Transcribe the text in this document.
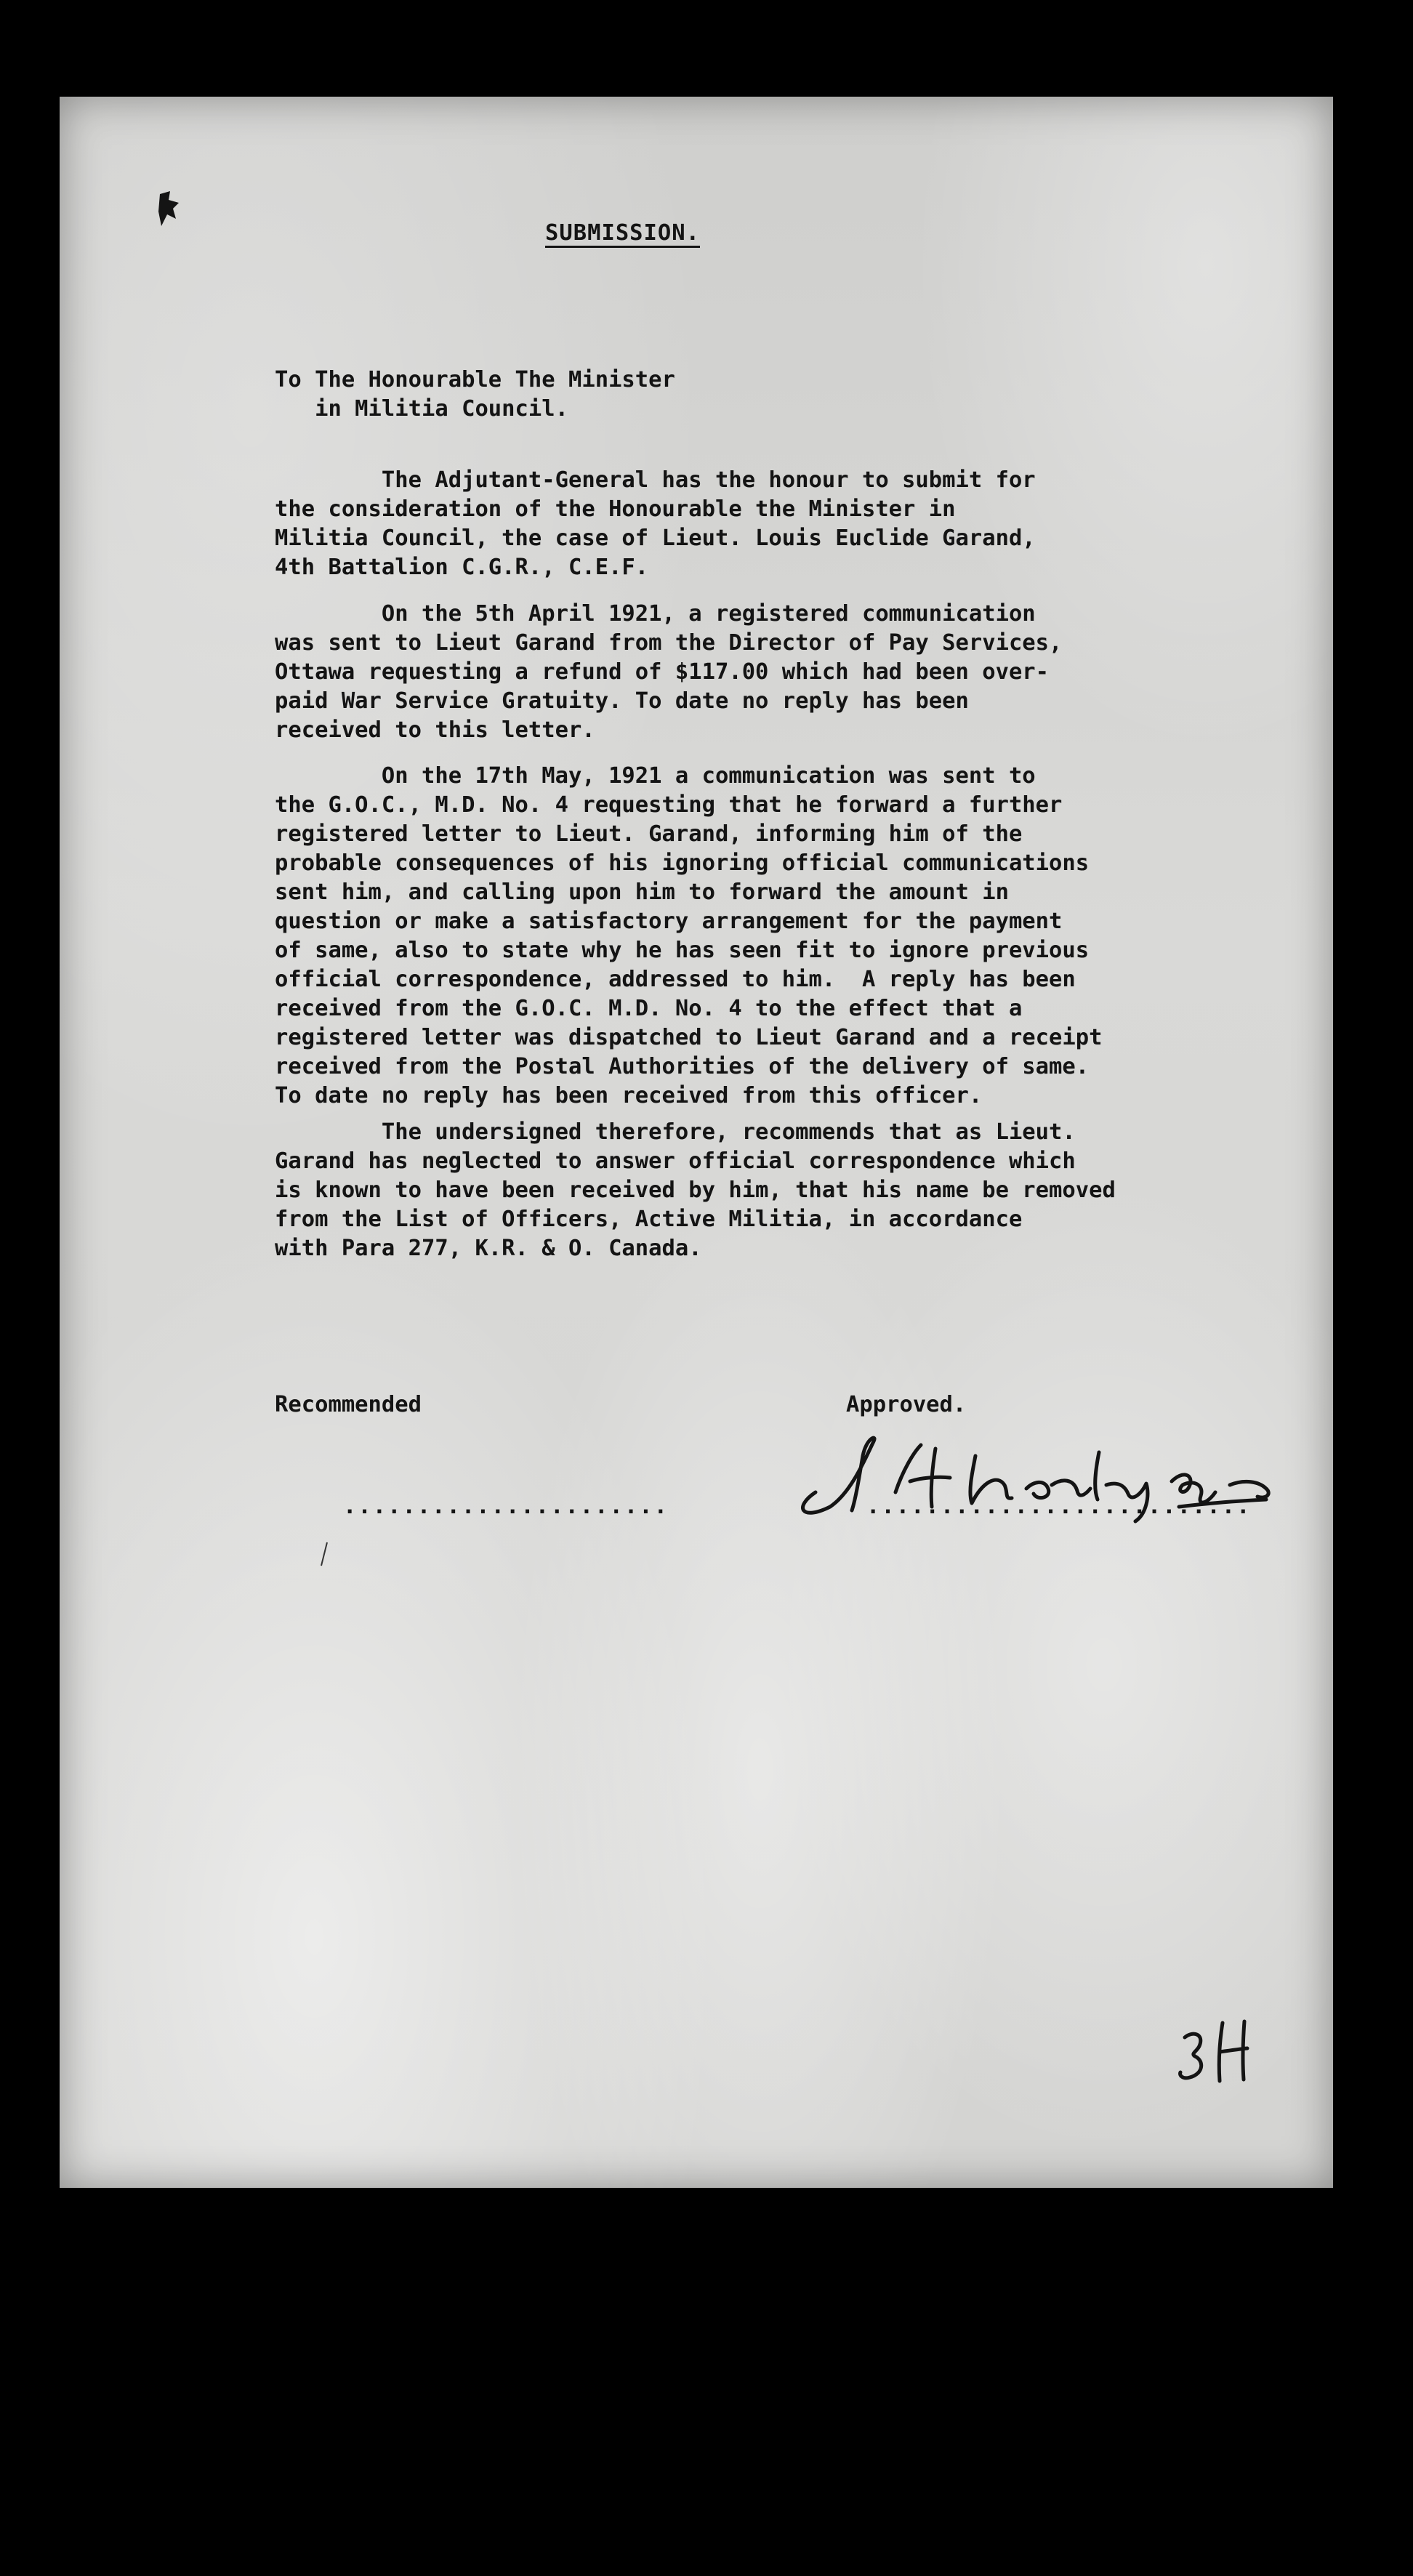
SUBMISSION.

To The Honourable The Minister
in Militia Council.

The Adjutant-General has the honour to submit for
the consideration of the Honourable the Minister in
Militia Council, the case of Lieut. Louis Euclide Garand,
4th Battalion C.G.R., C.E.F.

On the 5th April 1921, a registered communication
was sent to Lieut Garand from the Director of Pay Services,
Ottawa requesting a refund of $117.00 which had been over-
paid War Service Gratuity. To date no reply has been
received to this letter.

On the 17th May, 1921 a communication was sent to
the G.O.C., M.D. No. 4 requesting that he forward a further
registered letter to Lieut. Garand, informing him of the
probable consequences of his ignoring official communications
sent him, and calling upon him to forward the amount in
question or make a satisfactory arrangement for the payment
of same, also to state why he has seen fit to ignore previous
official correspondence, addressed to him.  A reply has been
received from the G.O.C. M.D. No. 4 to the effect that a
registered letter was dispatched to Lieut Garand and a receipt
received from the Postal Authorities of the delivery of same.
To date no reply has been received from this officer.

The undersigned therefore, recommends that as Lieut.
Garand has neglected to answer official correspondence which
is known to have been received by him, that his name be removed
from the List of Officers, Active Militia, in accordance
with Para 277, K.R. & O. Canada.

Recommended	Approved.

......................	..........................
